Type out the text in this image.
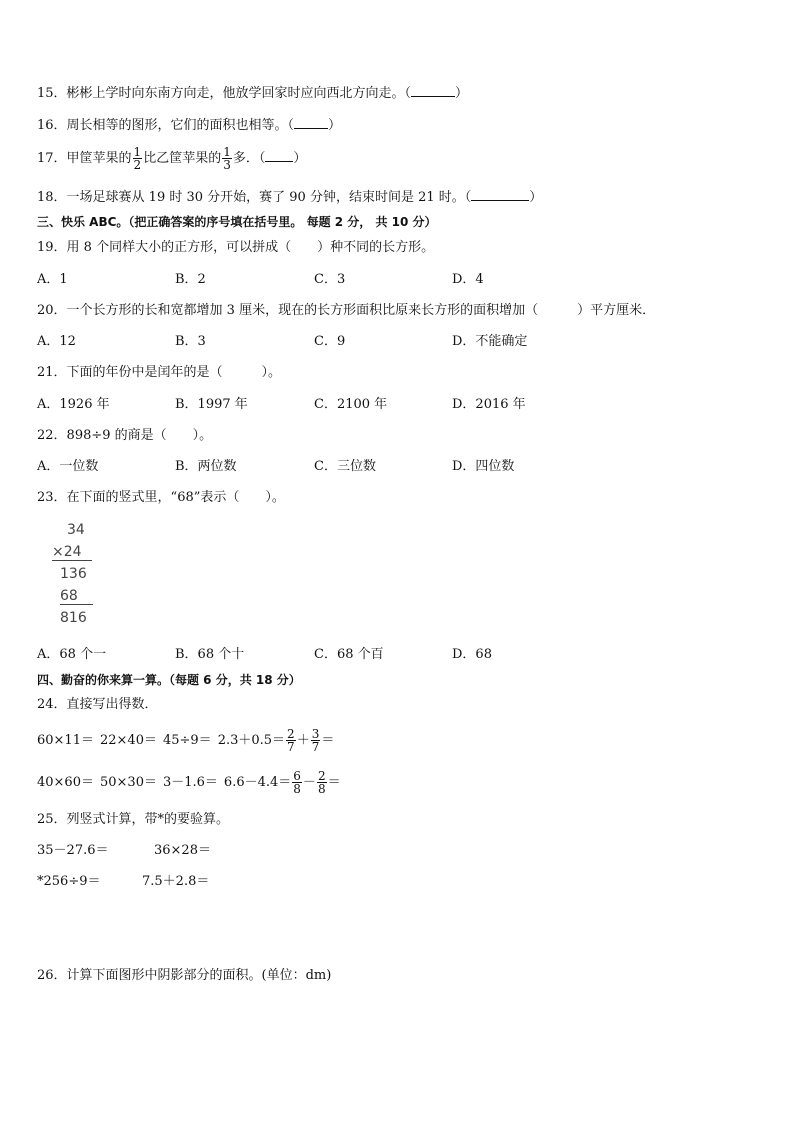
15．彬彬上学时向东南方向走，他放学回家时应向西北方向走。（	）
16．周长相等的图形，它们的面积也相等。（	）
17．甲筐苹果的 $\frac{1}{2}$ 比乙筐苹果的 $\frac{1}{3}$ 多．（ ）
18．一场足球赛从 19 时 30 分开始，赛了 90 分钟，结束时间是 21 时。（	）
三、快乐 ABC。（把正确答案的序号填在括号里。 每题 2 分， 共 10 分）
19．用 8 个同样大小的正方形，可以拼成（　　）种不同的长方形。
A．1	B．2	C．3	D．4
20．一个长方形的长和宽都增加 3 厘米，现在的长方形面积比原来长方形的面积增加（　　　）平方厘米．
A．12	B．3	C．9	D．不能确定
21．下面的年份中是闰年的是（　　　）。
A．1926 年	B．1997 年	C．2100 年	D．2016 年
22．898÷9 的商是（　　）。
A．一位数	B．两位数	C．三位数	D．四位数
23．在下面的竖式里，“68”表示（　　）。
34
×24
136
68
816
A．68 个一	B．68 个十	C．68 个百	D．68
四、勤奋的你来算一算。（每题 6 分，共 18 分）
24．直接写出得数．
$60\times 11= 22\times 40= 45\div 9= 2.3+0.5= \frac{2}{7} + \frac{3}{7}$ ＝
$40\times 60= 50\times 30= 3-1.6= 6.6-4.4= \frac{6}{8} - \frac{2}{8}$ ＝
25．列竖式计算，带*的要验算。
35－27.6＝	36×28＝
*256÷9＝	7.5＋2.8＝
26．计算下面图形中阴影部分的面积。(单位：dm)
